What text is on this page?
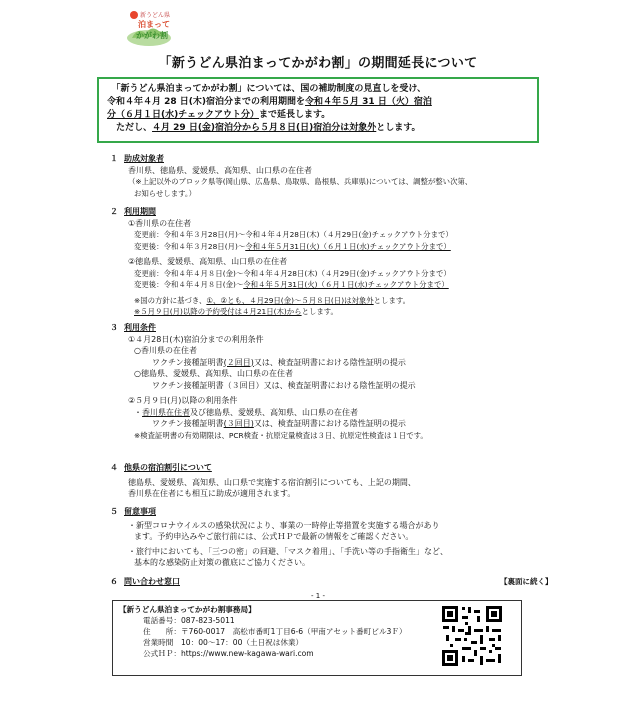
新うどん県
泊まって
かがわ割
「新うどん県泊まってかがわ割」の期間延長について

　「新うどん県泊まってかがわ割」については、国の補助制度の見直しを受け、

令和４年４月 28 日(木)宿泊分までの利用期間を令和４年５月 31 日（火）宿泊

分（６月１日(水)チェックアウト分）まで延長します。

　ただし、４月 29 日(金)宿泊分から５月８日(日)宿泊分は対象外とします。

１ 助成対象者
香川県、徳島県、愛媛県、高知県、山口県の在住者
（※上記以外のブロック県等(岡山県、広島県、鳥取県、島根県、兵庫県)については、調整が整い次第、
お知らせします。）
２ 利用期間
①香川県の在住者
変更前：令和４年３月28日(月)～令和４年４月28日(木)（４月29日(金)チェックアウト分まで）
変更後：令和４年３月28日(月)～令和４年５月31日(火)（６月１日(水)チェックアウト分まで）
②徳島県、愛媛県、高知県、山口県の在住者
変更前：令和４年４月８日(金)～令和４年４月28日(木)（４月29日(金)チェックアウト分まで）
変更後：令和４年４月８日(金)～令和４年５月31日(火)（６月１日(水)チェックアウト分まで）
※国の方針に基づき、①、②とも、４月29日(金)～５月８日(日)は対象外とします。
※５月９日(月)以降の予約受付は４月21日(木)からとします。
３ 利用条件
①４月28日(木)宿泊分までの利用条件
○香川県の在住者
ワクチン接種証明書(２回目)又は、検査証明書における陰性証明の提示
○徳島県、愛媛県、高知県、山口県の在住者
ワクチン接種証明書（３回目）又は、検査証明書における陰性証明の提示
②５月９日(月)以降の利用条件
・香川県在住者及び徳島県、愛媛県、高知県、山口県の在住者
ワクチン接種証明書(３回目)又は、検査証明書における陰性証明の提示
※検査証明書の有効期限は、PCR検査・抗原定量検査は３日、抗原定性検査は１日です。
４ 他県の宿泊割引について
徳島県、愛媛県、高知県、山口県で実施する宿泊割引についても、上記の期間、
香川県在住者にも相互に助成が適用されます。
５ 留意事項
・新型コロナウイルスの感染状況により、事業の一時停止等措置を実施する場合があり
ます。予約申込みやご旅行前には、公式ＨＰで最新の情報をご確認ください。
・旅行中においても、「三つの密」の回避、「マスク着用」、「手洗い等の手指衛生」など、
基本的な感染防止対策の徹底にご協力ください。
６ 問い合わせ窓口	【裏面に続く】
- 1 -
【新うどん県泊まってかがわ割事務局】
電話番号：087-823-5011
住　　所：〒760-0017　高松市番町1丁目6-6（甲南アセット番町ビル3Ｆ）
営業時間　10：00～17：00（土日祝は休業）
公式ＨＰ：https://www.new-kagawa-wari.com
